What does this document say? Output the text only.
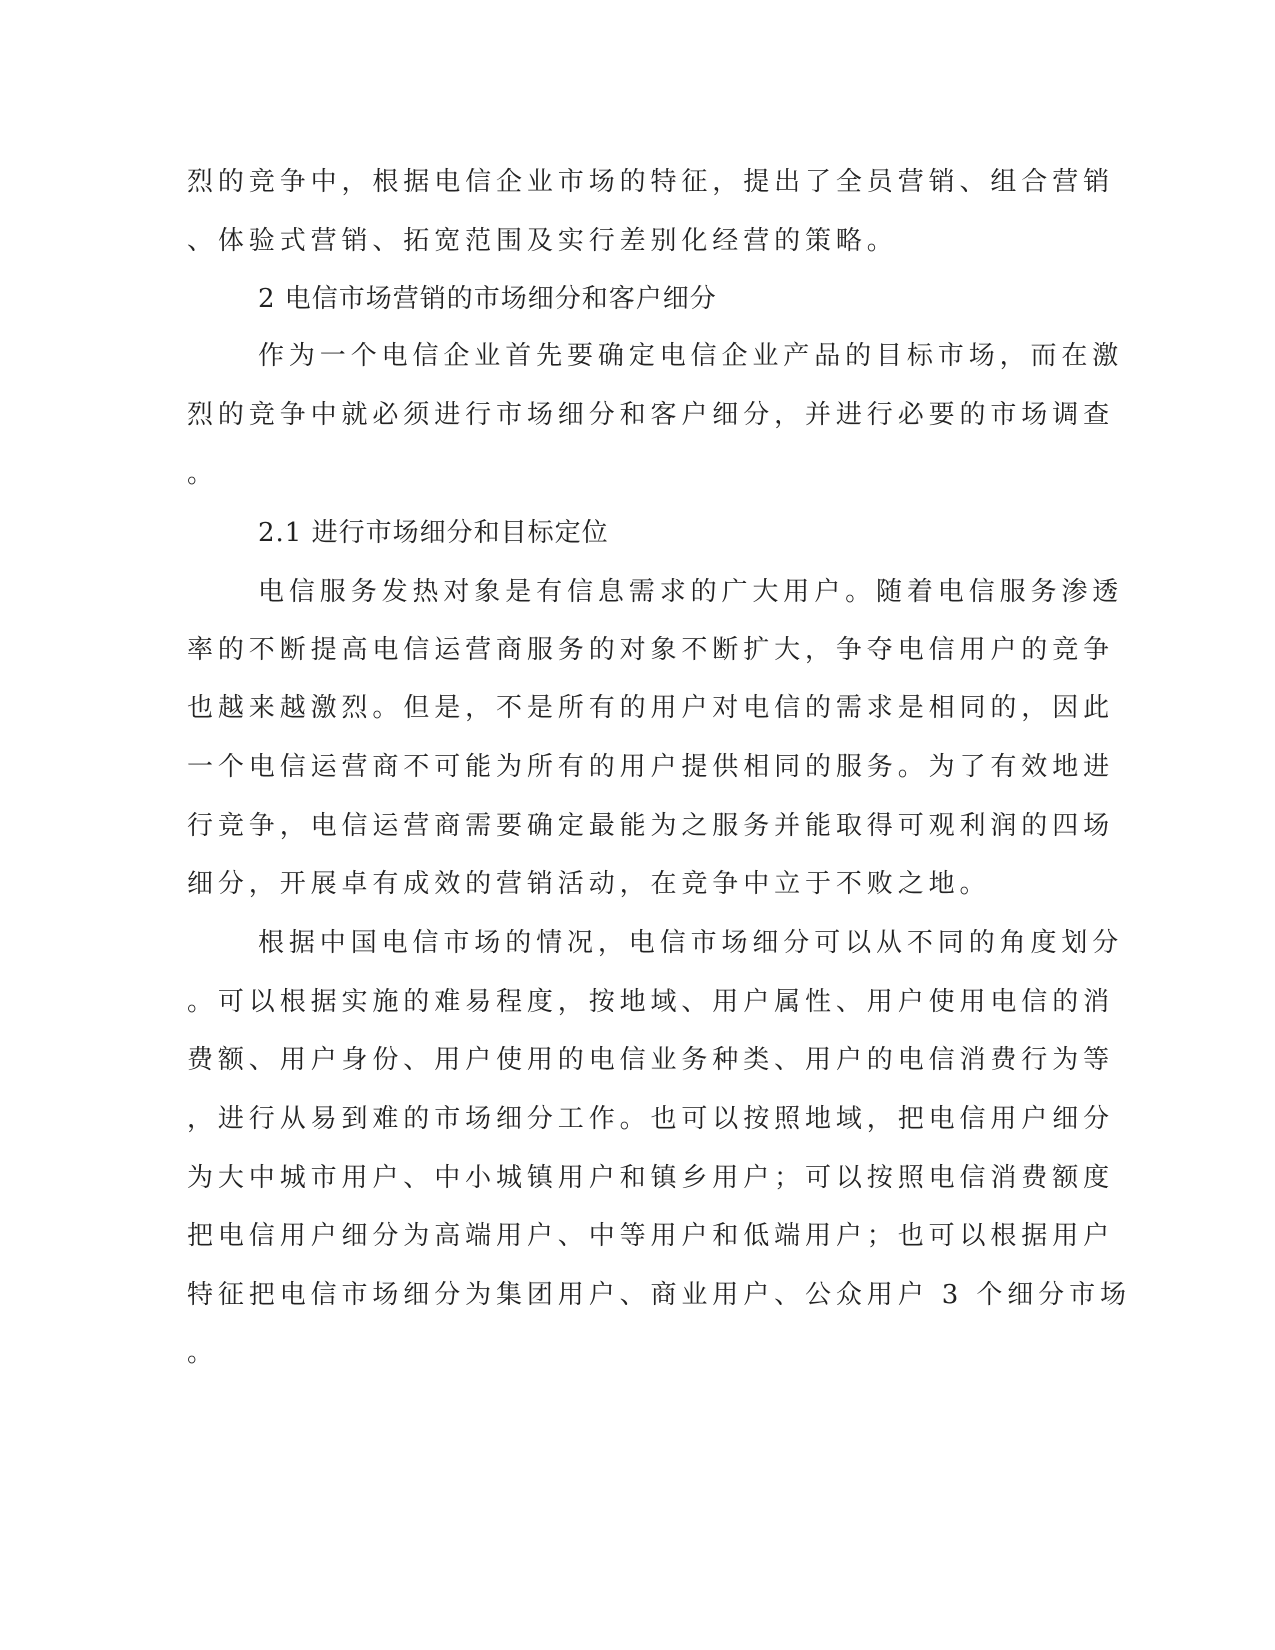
烈的竞争中，根据电信企业市场的特征，提出了全员营销、组合营销
、体验式营销、拓宽范围及实行差别化经营的策略。
2 电信市场营销的市场细分和客户细分
作为一个电信企业首先要确定电信企业产品的目标市场，而在激
烈的竞争中就必须进行市场细分和客户细分，并进行必要的市场调查
。
2.1 进行市场细分和目标定位
电信服务发热对象是有信息需求的广大用户。随着电信服务渗透
率的不断提高电信运营商服务的对象不断扩大，争夺电信用户的竞争
也越来越激烈。但是，不是所有的用户对电信的需求是相同的，因此
一个电信运营商不可能为所有的用户提供相同的服务。为了有效地进
行竞争，电信运营商需要确定最能为之服务并能取得可观利润的四场
细分，开展卓有成效的营销活动，在竞争中立于不败之地。
根据中国电信市场的情况，电信市场细分可以从不同的角度划分
。可以根据实施的难易程度，按地域、用户属性、用户使用电信的消
费额、用户身份、用户使用的电信业务种类、用户的电信消费行为等
，进行从易到难的市场细分工作。也可以按照地域，把电信用户细分
为大中城市用户、中小城镇用户和镇乡用户；可以按照电信消费额度
把电信用户细分为高端用户、中等用户和低端用户；也可以根据用户
特征把电信市场细分为集团用户、商业用户、公众用户 3 个细分市场
。
